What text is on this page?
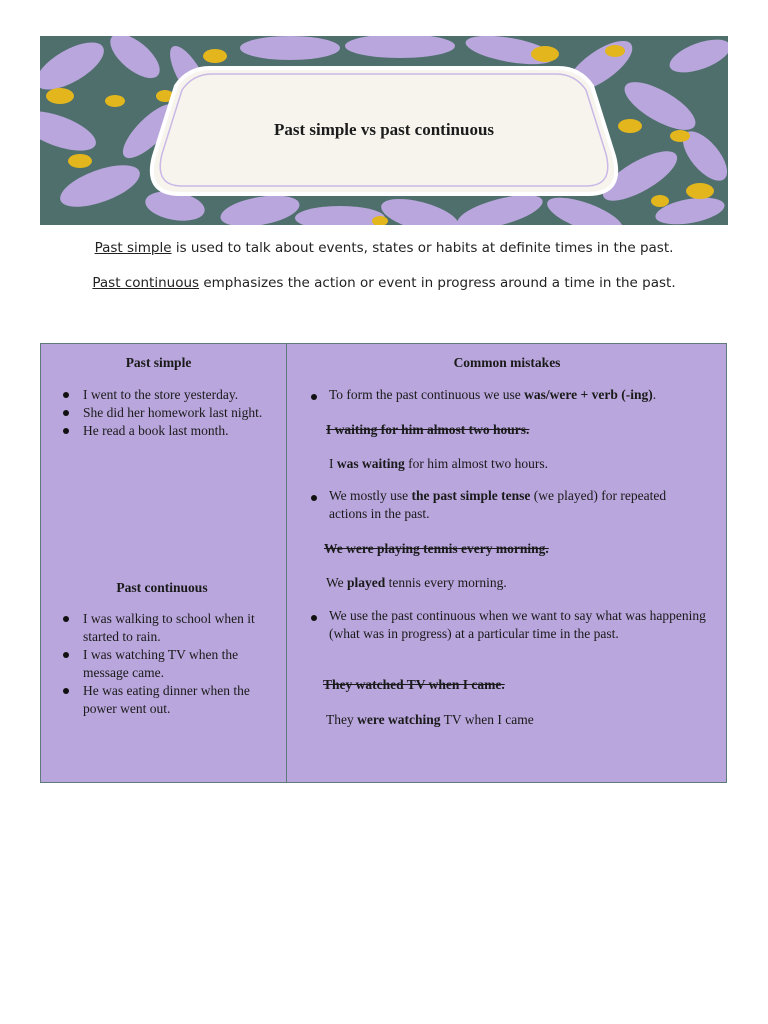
Past simple vs past continuous
Past simple is used to talk about events, states or habits at definite times in the past.
Past continuous emphasizes the action or event in progress around a time in the past.
Past simple
I went to the store yesterday.
She did her homework last night.
He read a book last month.
Past continuous
I was walking to school when it started to rain.
I was watching TV when the message came.
He was eating dinner when the power went out.
Common mistakes
To form the past continuous we use was/were + verb (-ing).
I waiting for him almost two hours.
I was waiting for him almost two hours.
We mostly use the past simple tense (we played) for repeated actions in the past.
We were playing tennis every morning.
We played tennis every morning.
We use the past continuous when we want to say what was happening (what was in progress) at a particular time in the past.
They watched TV when I came.
They were watching TV when I came
